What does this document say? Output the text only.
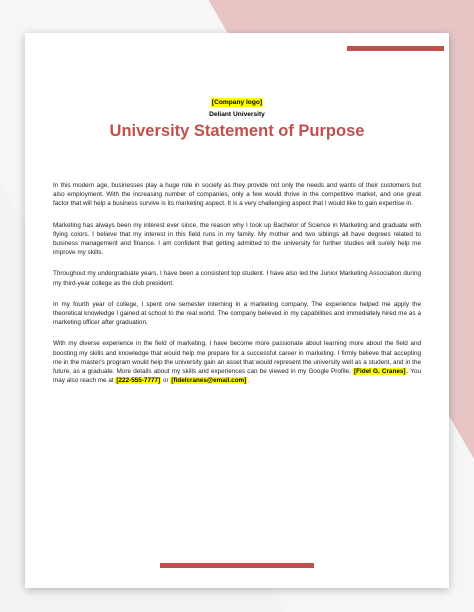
[Company logo]
Deliant University
University Statement of Purpose

In this modern age, businesses play a huge role in society as they provide not only the needs and wants of their customers but also employment. With the increasing number of companies, only a few would thrive in the competitive market, and one great factor that will help a business survive is its marketing aspect. It is a very challenging aspect that I would like to gain expertise in.

Marketing has always been my interest ever since, the reason why I took up Bachelor of Science in Marketing and graduate with flying colors. I believe that my interest in this field runs in my family. My mother and two siblings all have degrees related to business management and finance. I am confident that getting admitted to the university for further studies will surely help me improve my skills.

Throughout my undergraduate years, I have been a consistent top student. I have also led the Junior Marketing Association during my third-year college as the club president.

In my fourth year of college, I spent one semester interning in a marketing company. The experience helped me apply the theoretical knowledge I gained at school to the real world. The company believed in my capabilities and immediately hired me as a marketing officer after graduation.

With my diverse experience in the field of marketing, I have become more passionate about learning more about the field and boosting my skills and knowledge that would help me prepare for a successful career in marketing. I firmly believe that accepting me in the master's program would help the university gain an asset that would represent the university well as a student, and in the future, as a graduate. More details about my skills and experiences can be viewed in my Google Profile, [Fidel G. Cranes]. You may also reach me at [222-555-7777] or [fidelcranes@email.com].
